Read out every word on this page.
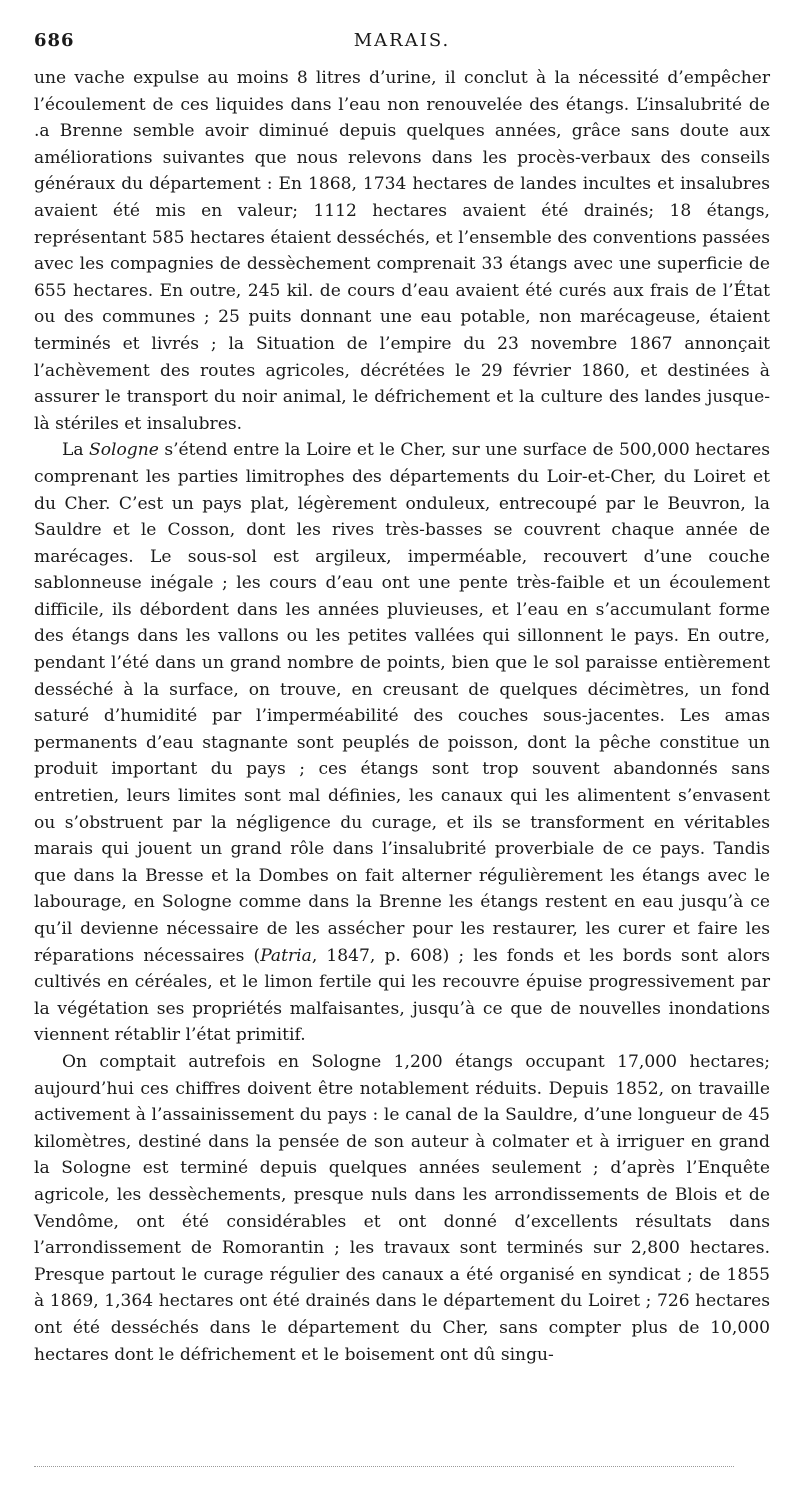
MARAIS.
686

une vache expulse au moins 8 litres d’urine, il conclut à la nécessité d’empêcher l’écoulement de ces liquides dans l’eau non renouvelée des étangs. L’insalubrité de .a Brenne semble avoir diminué depuis quelques années, grâce sans doute aux améliorations suivantes que nous relevons dans les procès-verbaux des conseils généraux du département : En 1868, 1734 hectares de landes incultes et insalubres avaient été mis en valeur; 1112 hectares avaient été drainés; 18 étangs, représentant 585 hectares étaient desséchés, et l’ensemble des conventions passées avec les compagnies de dessèchement comprenait 33 étangs avec une superficie de 655 hectares. En outre, 245 kil. de cours d’eau avaient été curés aux frais de l’État ou des communes ; 25 puits donnant une eau potable, non marécageuse, étaient terminés et livrés ; la Situation de l’empire du 23 novembre 1867 annonçait l’achèvement des routes agricoles, décrétées le 29 février 1860, et destinées à assurer le transport du noir animal, le défrichement et la culture des landes jusque-là stériles et insalubres.

La Sologne s’étend entre la Loire et le Cher, sur une surface de 500,000 hectares comprenant les parties limitrophes des départements du Loir-et-Cher, du Loiret et du Cher. C’est un pays plat, légèrement onduleux, entrecoupé par le Beuvron, la Sauldre et le Cosson, dont les rives très-basses se couvrent chaque année de marécages. Le sous-sol est argileux, imperméable, recouvert d’une couche sablonneuse inégale ; les cours d’eau ont une pente très-faible et un écoulement difficile, ils débordent dans les années pluvieuses, et l’eau en s’accumulant forme des étangs dans les vallons ou les petites vallées qui sillonnent le pays. En outre, pendant l’été dans un grand nombre de points, bien que le sol paraisse entièrement desséché à la surface, on trouve, en creusant de quelques décimètres, un fond saturé d’humidité par l’imperméabilité des couches sous-jacentes. Les amas permanents d’eau stagnante sont peuplés de poisson, dont la pêche constitue un produit important du pays ; ces étangs sont trop souvent abandonnés sans entretien, leurs limites sont mal définies, les canaux qui les alimentent s’envasent ou s’obstruent par la négligence du curage, et ils se transforment en véritables marais qui jouent un grand rôle dans l’insalubrité proverbiale de ce pays. Tandis que dans la Bresse et la Dombes on fait alterner régulièrement les étangs avec le labourage, en Sologne comme dans la Brenne les étangs restent en eau jusqu’à ce qu’il devienne nécessaire de les assécher pour les restaurer, les curer et faire les réparations nécessaires (Patria, 1847, p. 608) ; les fonds et les bords sont alors cultivés en céréales, et le limon fertile qui les recouvre épuise progressivement par la végétation ses propriétés malfaisantes, jusqu’à ce que de nouvelles inondations viennent rétablir l’état primitif.

On comptait autrefois en Sologne 1,200 étangs occupant 17,000 hectares; aujourd’hui ces chiffres doivent être notablement réduits. Depuis 1852, on travaille activement à l’assainissement du pays : le canal de la Sauldre, d’une longueur de 45 kilomètres, destiné dans la pensée de son auteur à colmater et à irriguer en grand la Sologne est terminé depuis quelques années seulement ; d’après l’Enquête agricole, les dessèchements, presque nuls dans les arrondissements de Blois et de Vendôme, ont été considérables et ont donné d’excellents résultats dans l’arrondissement de Romorantin ; les travaux sont terminés sur 2,800 hectares. Presque partout le curage régulier des canaux a été organisé en syndicat ; de 1855 à 1869, 1,364 hectares ont été drainés dans le département du Loiret ; 726 hectares ont été desséchés dans le département du Cher, sans compter plus de 10,000 hectares dont le défrichement et le boisement ont dû singu-
